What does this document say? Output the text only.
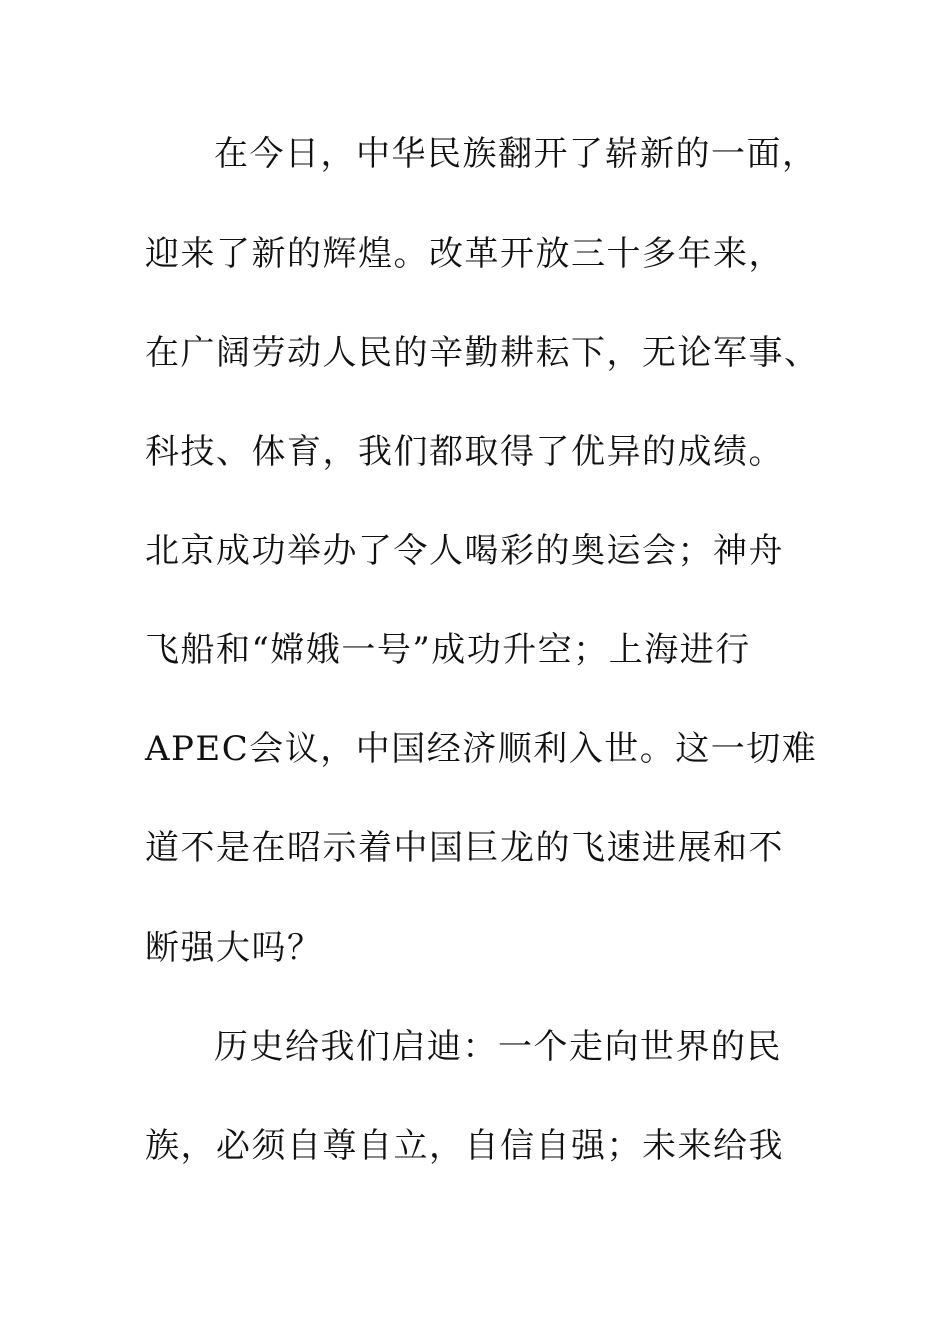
在今日，中华民族翻开了崭新的一面，

迎来了新的辉煌。改革开放三十多年来，

在广阔劳动人民的辛勤耕耘下，无论军事、

科技、体育，我们都取得了优异的成绩。

北京成功举办了令人喝彩的奥运会；神舟

飞船和“嫦娥一号”成功升空；上海进行

APEC会议，中国经济顺利入世。这一切难

道不是在昭示着中国巨龙的飞速进展和不

断强大吗？

历史给我们启迪：一个走向世界的民

族，必须自尊自立，自信自强；未来给我
